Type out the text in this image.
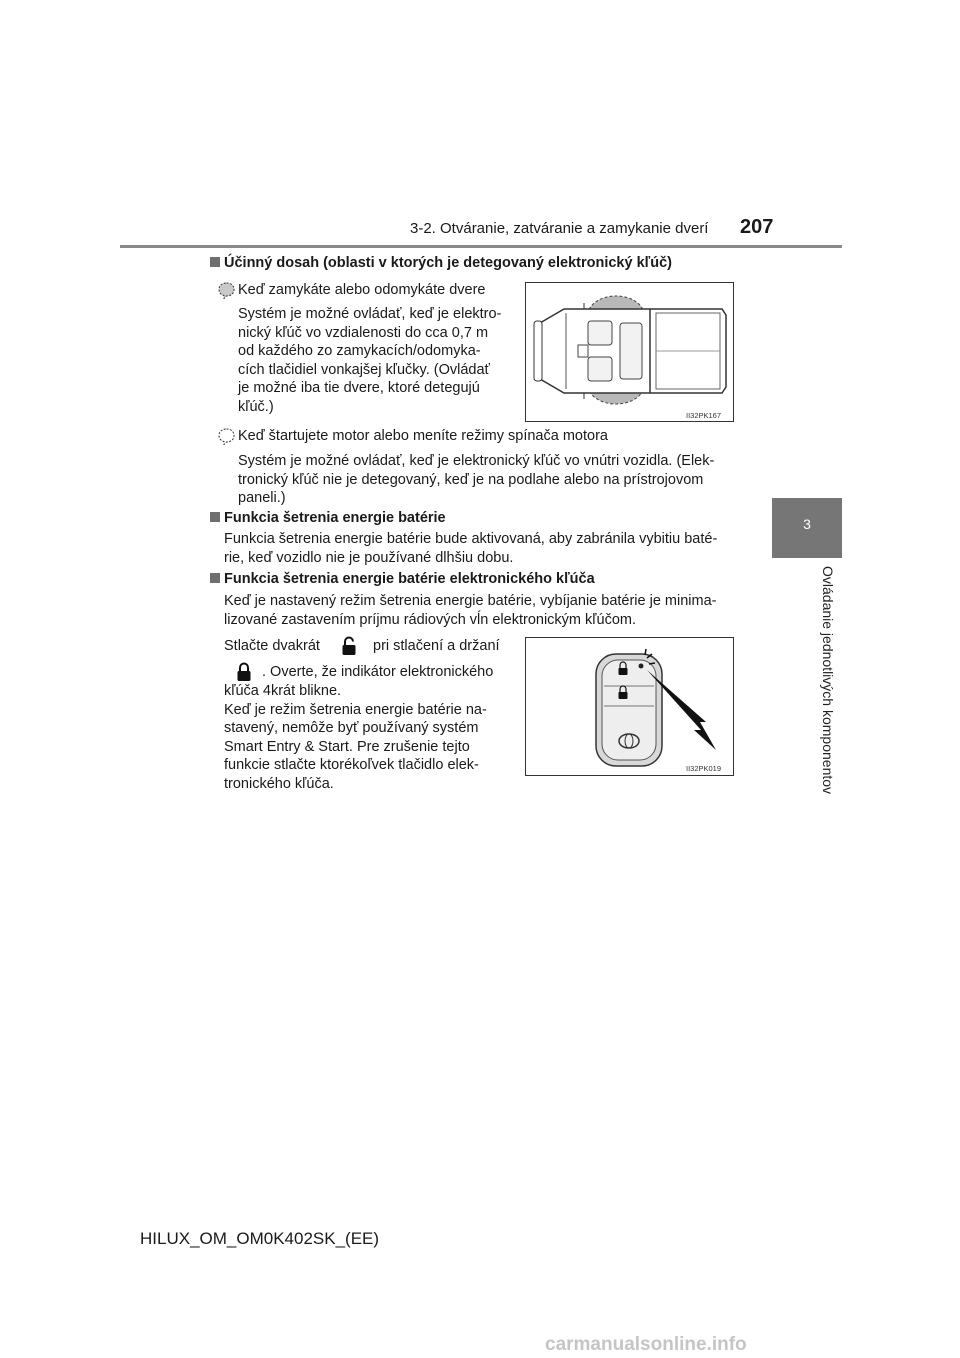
3-2. Otváranie, zatváranie a zamykanie dverí 207
3
Ovládanie jednotlivých komponentov
Účinný dosah (oblasti v ktorých je detegovaný elektronický kľúč)
Keď zamykáte alebo odomykáte dvere
Systém je možné ovládať, keď je elektro-
nický kľúč vo vzdialenosti do cca 0,7 m
od každého zo zamykacích/odomyka-
cích tlačidiel vonkajšej kľučky. (Ovládať
je možné iba tie dvere, ktoré detegujú
kľúč.)
II32PK167
Keď štartujete motor alebo meníte režimy spínača motora
Systém je možné ovládať, keď je elektronický kľúč vo vnútri vozidla. (Elek-
tronický kľúč nie je detegovaný, keď je na podlahe alebo na prístrojovom
paneli.)
Funkcia šetrenia energie batérie
Funkcia šetrenia energie batérie bude aktivovaná, aby zabránila vybitiu baté-
rie, keď vozidlo nie je používané dlhšiu dobu.
Funkcia šetrenia energie batérie elektronického kľúča
Keď je nastavený režim šetrenia energie batérie, vybíjanie batérie je minima-
lizované zastavením príjmu rádiových vĺn elektronickým kľúčom.
Stlačte dvakrát	pri stlačení a držaní
. Overte, že indikátor elektronického
kľúča 4krát blikne.
Keď je režim šetrenia energie batérie na-
stavený, nemôže byť používaný systém
Smart Entry & Start. Pre zrušenie tejto
funkcie stlačte ktorékoľvek tlačidlo elek-
tronického kľúča.
II32PK019
HILUX_OM_OM0K402SK_(EE)
carmanualsonline.info
